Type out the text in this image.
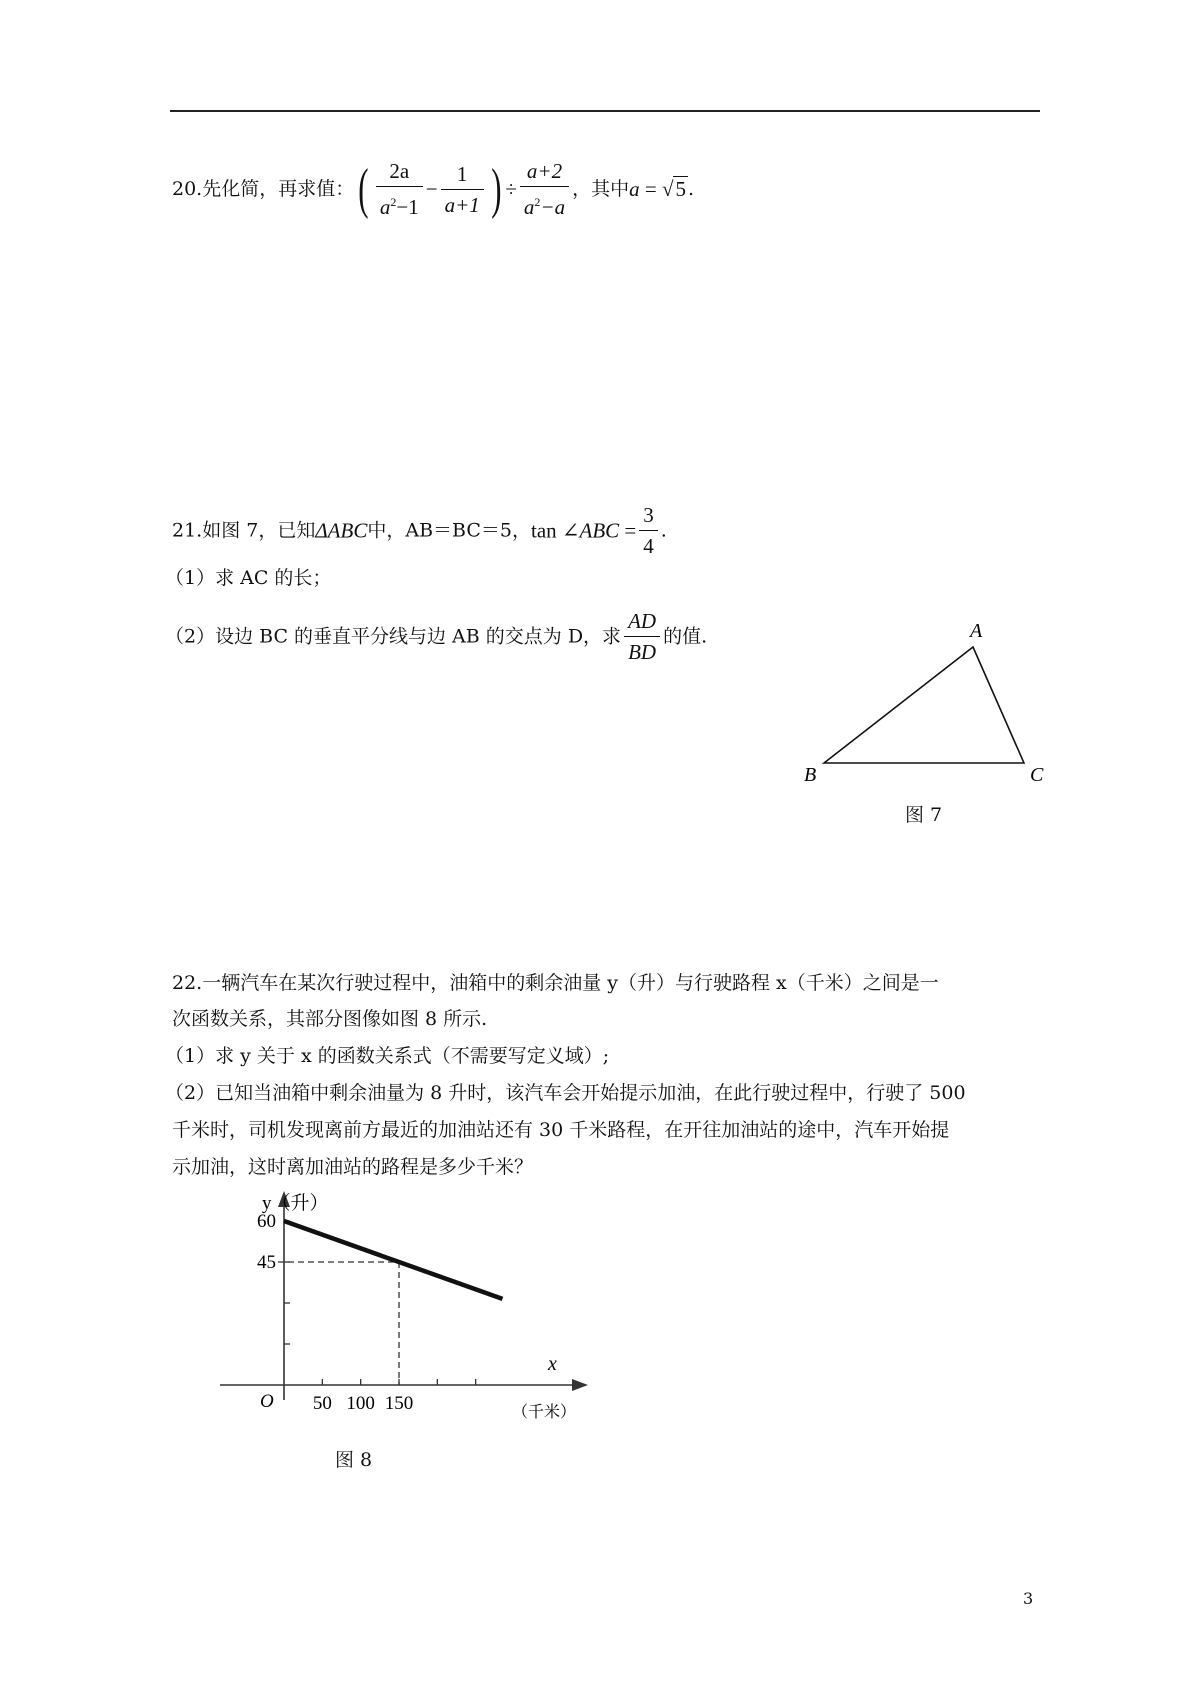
20.先化简，再求值：( $\frac{2a}{a^2-1} - \frac{1}{a+1}$ ) ÷ $\frac{a+2}{a^2-a}$ ，其中a = √5 .
21.如图 7，已知ΔABC中，AB＝BC＝5，tan ∠ABC = $\frac{3}{4}$ .
（1）求 AC 的长；
（2）设边 BC 的垂直平分线与边 AB 的交点为 D，求 $\frac{AD}{BD}$ 的值.	A
B	C
图 7
22.一辆汽车在某次行驶过程中，油箱中的剩余油量 y（升）与行驶路程 x（千米）之间是一
次函数关系，其部分图像如图 8 所示.
（1）求 y 关于 x 的函数关系式（不需要写定义域）;
（2）已知当油箱中剩余油量为 8 升时，该汽车会开始提示加油，在此行驶过程中，行驶了 500
千米时，司机发现离前方最近的加油站还有 30 千米路程，在开往加油站的途中，汽车开始提
示加油，这时离加油站的路程是多少千米？
y（升）
x
（千米）
O
60
45
50 100 150
图 8
3
